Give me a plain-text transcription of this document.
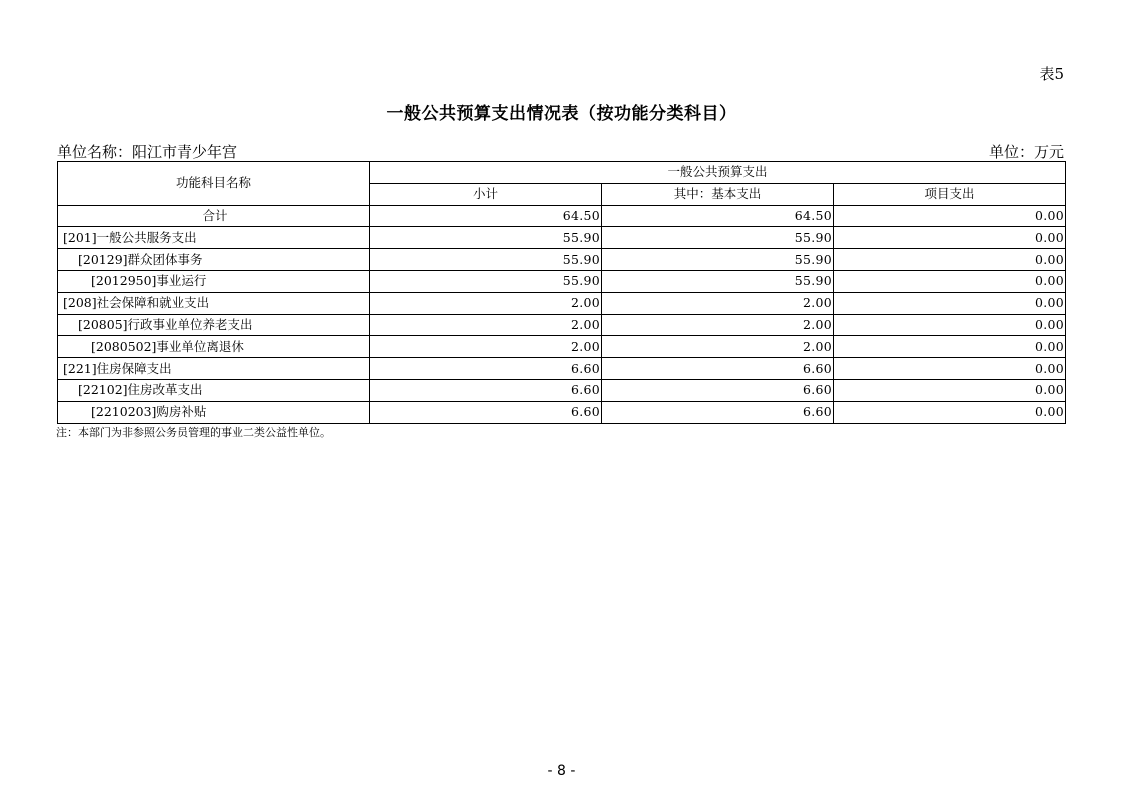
表5
一般公共预算支出情况表（按功能分类科目）
单位名称：阳江市青少年宫	单位：万元
功能科目名称	一般公共预算支出		
	小计	其中：基本支出	项目支出
合计	64.50	64.50	0.00
[201]一般公共服务支出	55.90	55.90	0.00
[20129]群众团体事务	55.90	55.90	0.00
[2012950]事业运行	55.90	55.90	0.00
[208]社会保障和就业支出	2.00	2.00	0.00
[20805]行政事业单位养老支出	2.00	2.00	0.00
[2080502]事业单位离退休	2.00	2.00	0.00
[221]住房保障支出	6.60	6.60	0.00
[22102]住房改革支出	6.60	6.60	0.00
[2210203]购房补贴	6.60	6.60	0.00
注：本部门为非参照公务员管理的事业二类公益性单位。
- 8 -
